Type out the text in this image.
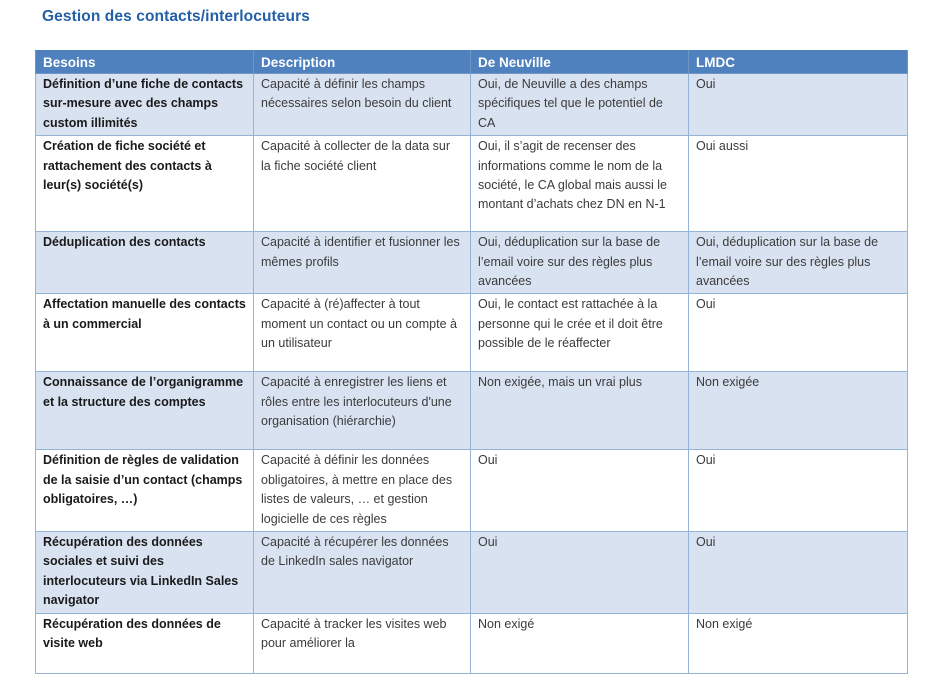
Gestion des contacts/interlocuteurs
Besoins	Description	De Neuville	LMDC
Définition d’une fiche de contacts sur-mesure avec des champs custom illimités	Capacité à définir les champs nécessaires selon besoin du client	Oui, de Neuville a des champs spécifiques tel que le potentiel de CA	Oui
Création de fiche société et rattachement des contacts à leur(s) société(s)	Capacité à collecter de la data sur la fiche société client	Oui, il s’agit de recenser des informations comme le nom de la société, le CA global mais aussi le montant d’achats chez DN en N-1	Oui aussi
Déduplication des contacts	Capacité à identifier et fusionner les mêmes profils	Oui, déduplication sur la base de l’email voire sur des règles plus avancées	Oui, déduplication sur la base de l’email voire sur des règles plus avancées
Affectation manuelle des contacts à un commercial	Capacité à (ré)affecter à tout moment un contact ou un compte à un utilisateur	Oui, le contact est rattachée à la personne qui le crée et il doit être possible de le réaffecter	Oui
Connaissance de l’organigramme et la structure des comptes	Capacité à enregistrer les liens et rôles entre les interlocuteurs d'une organisation (hiérarchie)	Non exigée, mais un vrai plus	Non exigée
Définition de règles de validation de la saisie d’un contact (champs obligatoires, …)	Capacité à définir les données obligatoires, à mettre en place des listes de valeurs, … et gestion logicielle de ces règles	Oui	Oui
Récupération des données sociales et suivi des interlocuteurs via LinkedIn Sales navigator	Capacité à récupérer les données de LinkedIn sales navigator	Oui	Oui
Récupération des données de visite web	Capacité à tracker les visites web pour améliorer la	Non exigé	Non exigé
